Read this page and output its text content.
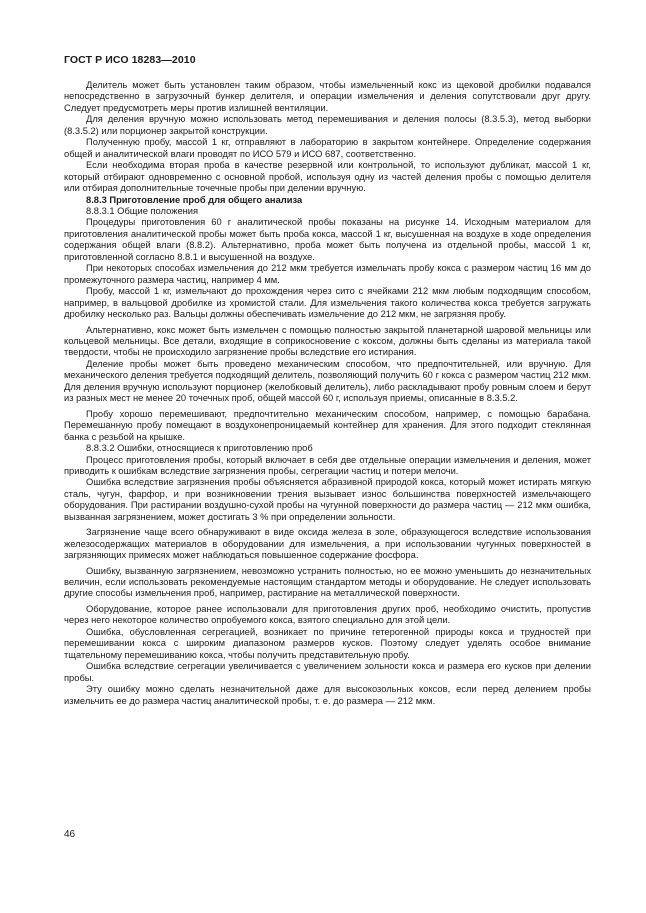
ГОСТ Р ИСО 18283—2010

Делитель может быть установлен таким образом, чтобы измельченный кокс из щековой дробилки подавался непосредственно в загрузочный бункер делителя, и операции измельчения и деления сопутствовали друг другу. Следует предусмотреть меры против излишней вентиляции.

Для деления вручную можно использовать метод перемешивания и деления полосы (8.3.5.3), метод выборки (8.3.5.2) или порционер закрытой конструкции.

Полученную пробу, массой 1 кг, отправляют в лабораторию в закрытом контейнере. Определение содержания общей и аналитической влаги проводят по ИСО 579 и ИСО 687, соответственно.

Если необходима вторая проба в качестве резервной или контрольной, то используют дубликат, массой 1 кг, который отбирают одновременно с основной пробой, используя одну из частей деления пробы с помощью делителя или отбирая дополнительные точечные пробы при делении вручную.

8.8.3 Приготовление проб для общего анализа

8.8.3.1 Общие положения

Процедуры приготовления 60 г аналитической пробы показаны на рисунке 14. Исходным материалом для приготовления аналитической пробы может быть проба кокса, массой 1 кг, высушенная на воздухе в ходе определения содержания общей влаги (8.8.2). Альтернативно, проба может быть получена из отдельной пробы, массой 1 кг, приготовленной согласно 8.8.1 и высушенной на воздухе.

При некоторых способах измельчения до 212 мкм требуется измельчать пробу кокса с размером частиц 16 мм до промежуточного размера частиц, например 4 мм.

Пробу, массой 1 кг, измельчают до прохождения через сито с ячейками 212 мкм любым подходящим способом, например, в вальцовой дробилке из хромистой стали. Для измельчения такого количества кокса требуется загружать дробилку несколько раз. Вальцы должны обеспечивать измельчение до 212 мкм, не загрязняя пробу.

Альтернативно, кокс может быть измельчен с помощью полностью закрытой планетарной шаровой мельницы или кольцевой мельницы. Все детали, входящие в соприкосновение с коксом, должны быть сделаны из материала такой твердости, чтобы не происходило загрязнение пробы вследствие его истирания.

Деление пробы может быть проведено механическим способом, что предпочтительней, или вручную. Для механического деления требуется подходящий делитель, позволяющий получить 60 г кокса с размером частиц 212 мкм. Для деления вручную используют порционер (желобковый делитель), либо раскладывают пробу ровным слоем и берут из разных мест не менее 20 точечных проб, общей массой 60 г, используя приемы, описанные в 8.3.5.2.

Пробу хорошо перемешивают, предпочтительно механическим способом, например, с помощью барабана. Перемешанную пробу помещают в воздухонепроницаемый контейнер для хранения. Для этого подходит стеклянная банка с резьбой на крышке.

8.8.3.2 Ошибки, относящиеся к приготовлению проб

Процесс приготовления пробы, который включает в себя две отдельные операции измельчения и деления, может приводить к ошибкам вследствие загрязнения пробы, сегрегации частиц и потери мелочи.

Ошибка вследствие загрязнения пробы объясняется абразивной природой кокса, который может истирать мягкую сталь, чугун, фарфор, и при возникновении трения вызывает износ большинства поверхностей измельчающего оборудования. При растирании воздушно-сухой пробы на чугунной поверхности до размера частиц — 212 мкм ошибка, вызванная загрязнением, может достигать 3 % при определении зольности.

Загрязнение чаще всего обнаруживают в виде оксида железа в золе, образующегося вследствие использования железосодержащих материалов в оборудовании для измельчения, а при использовании чугунных поверхностей в загрязняющих примесях может наблюдаться повышенное содержание фосфора.

Ошибку, вызванную загрязнением, невозможно устранить полностью, но ее можно уменьшить до незначительных величин, если использовать рекомендуемые настоящим стандартом методы и оборудование. Не следует использовать другие способы измельчения проб, например, растирание на металлической поверхности.

Оборудование, которое ранее использовали для приготовления других проб, необходимо очистить, пропустив через него некоторое количество опробуемого кокса, взятого специально для этой цели.

Ошибка, обусловленная сегрегацией, возникает по причине гетерогенной природы кокса и трудностей при перемешивании кокса с широким диапазоном размеров кусков. Поэтому следует уделять особое внимание тщательному перемешиванию кокса, чтобы получить представительную пробу.

Ошибка вследствие сегрегации увеличивается с увеличением зольности кокса и размера его кусков при делении пробы.

Эту ошибку можно сделать незначительной даже для высокозольных коксов, если перед делением пробы измельчить ее до размера частиц аналитической пробы, т. е. до размера — 212 мкм.

46
